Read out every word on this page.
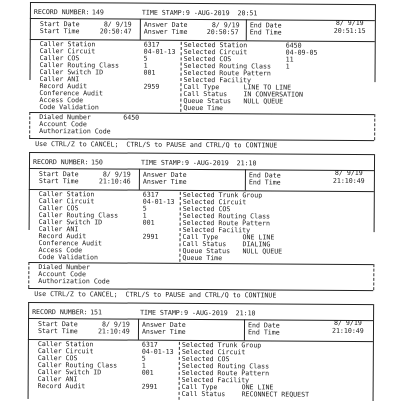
RECORD NUMBER: 149	TIME STAMP: 9 -AUG-2019  20:51
Start Date	8/ 9/19
Start Time	20:50:47
Answer Date	8/ 9/19
Answer Time	20:50:57
End Date	8/ 9/19
End Time	20:51:15
Caller Station	6317
Caller Circuit	04-01-13
Caller COS	5
Caller Routing Class	1
Caller Switch ID	001
Caller ANI
Record Audit	2959
Conference Audit
Access Code
Code Validation
Selected Station	6450
Selected Circuit	04-09-05
Selected COS	11
Selected Routing Class 1
Selected Route Pattern
Selected Facility
Call Type	LINE TO LINE
Call Status IN CONVERSATION
Queue Status NULL QUEUE
Queue Time
Dialed Number	6450
Account Code
Authorization Code
Use CTRL/Z to CANCEL;  CTRL/S to PAUSE and CTRL/Q to CONTINUE
RECORD NUMBER: 150	TIME STAMP: 9 -AUG-2019  21:10
Start Date	8/ 9/19
Start Time	21:10:46
Answer Date
Answer Time
End Date	8/ 9/19
End Time	21:10:49
Caller Station	6317
Caller Circuit	04-01-13
Caller COS	5
Caller Routing Class	1
Caller Switch ID	001
Caller ANI
Record Audit	2991
Conference Audit
Access Code
Code Validation
Selected Trunk Group
Selected Circuit
Selected COS
Selected Routing Class
Selected Route Pattern
Selected Facility
Call Type	ONE LINE
Call Status DIALING
Queue Status NULL QUEUE
Queue Time
Dialed Number
Account Code
Authorization Code
Use CTRL/Z to CANCEL;  CTRL/S to PAUSE and CTRL/Q to CONTINUE
RECORD NUMBER: 151	TIME STAMP: 9 -AUG-2019  21:10
Start Date	8/ 9/19
Start Time	21:10:49
Answer Date
Answer Time
End Date	8/ 9/19
End Time	21:10:49
Caller Station	6317
Caller Circuit	04-01-13
Caller COS	5
Caller Routing Class	1
Caller Switch ID	001
Caller ANI
Record Audit	2991
Selected Trunk Group
Selected Circuit
Selected COS
Selected Routing Class
Selected Route Pattern
Selected Facility
Call Type	ONE LINE
Call Status RECONNECT REQUEST
